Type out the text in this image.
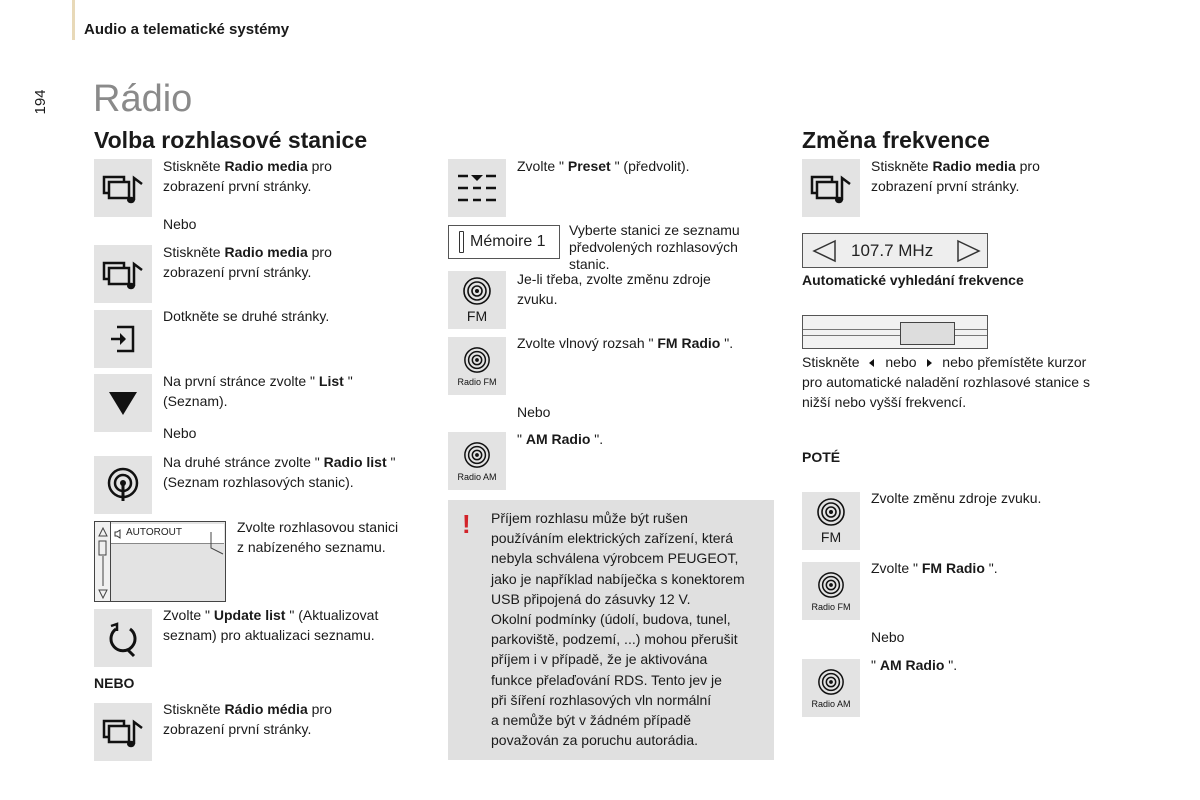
Audio a telematické systémy
194 Rádio
Volba rozhlasové stanice
Stiskněte Radio media pro
zobrazení první stránky.
Nebo
Stiskněte Radio media pro
zobrazení první stránky.
Dotkněte se druhé stránky.
Na první stránce zvolte " List "
(Seznam).
Nebo
Na druhé stránce zvolte " Radio list "
(Seznam rozhlasových stanic).
AUTOROUT	Zvolte rozhlasovou stanici
z nabízeného seznamu.
Zvolte " Update list " (Aktualizovat
seznam) pro aktualizaci seznamu.
NEBO
Stiskněte Rádio média pro
zobrazení první stránky.
Zvolte " Preset " (předvolit).
Mémoire 1
Vyberte stanici ze seznamu
předvolených rozhlasových
stanic.
FM
Je-li třeba, zvolte změnu zdroje
zvuku.
Radio FM
Zvolte vlnový rozsah " FM Radio ".
Nebo
Radio AM
" AM Radio ".
! Příjem rozhlasu může být rušen
používáním elektrických zařízení, která
nebyla schválena výrobcem PEUGEOT,
jako je například nabíječka s konektorem
USB připojená do zásuvky 12 V.
Okolní podmínky (údolí, budova, tunel,
parkoviště, podzemí, ...) mohou přerušit
příjem i v případě, že je aktivována
funkce přelaďování RDS. Tento jev je
při šíření rozhlasových vln normální
a nemůže být v žádném případě
považován za poruchu autorádia.
Změna frekvence
Stiskněte Radio media pro
zobrazení první stránky.
107.7 MHz
Automatické vyhledání frekvence
Stiskněte  nebo  nebo přemístěte kurzor
pro automatické naladění rozhlasové stanice s
nižší nebo vyšší frekvencí.
POTÉ
FM
Zvolte změnu zdroje zvuku.
Radio FM
Zvolte " FM Radio ".
Nebo
Radio AM
" AM Radio ".
